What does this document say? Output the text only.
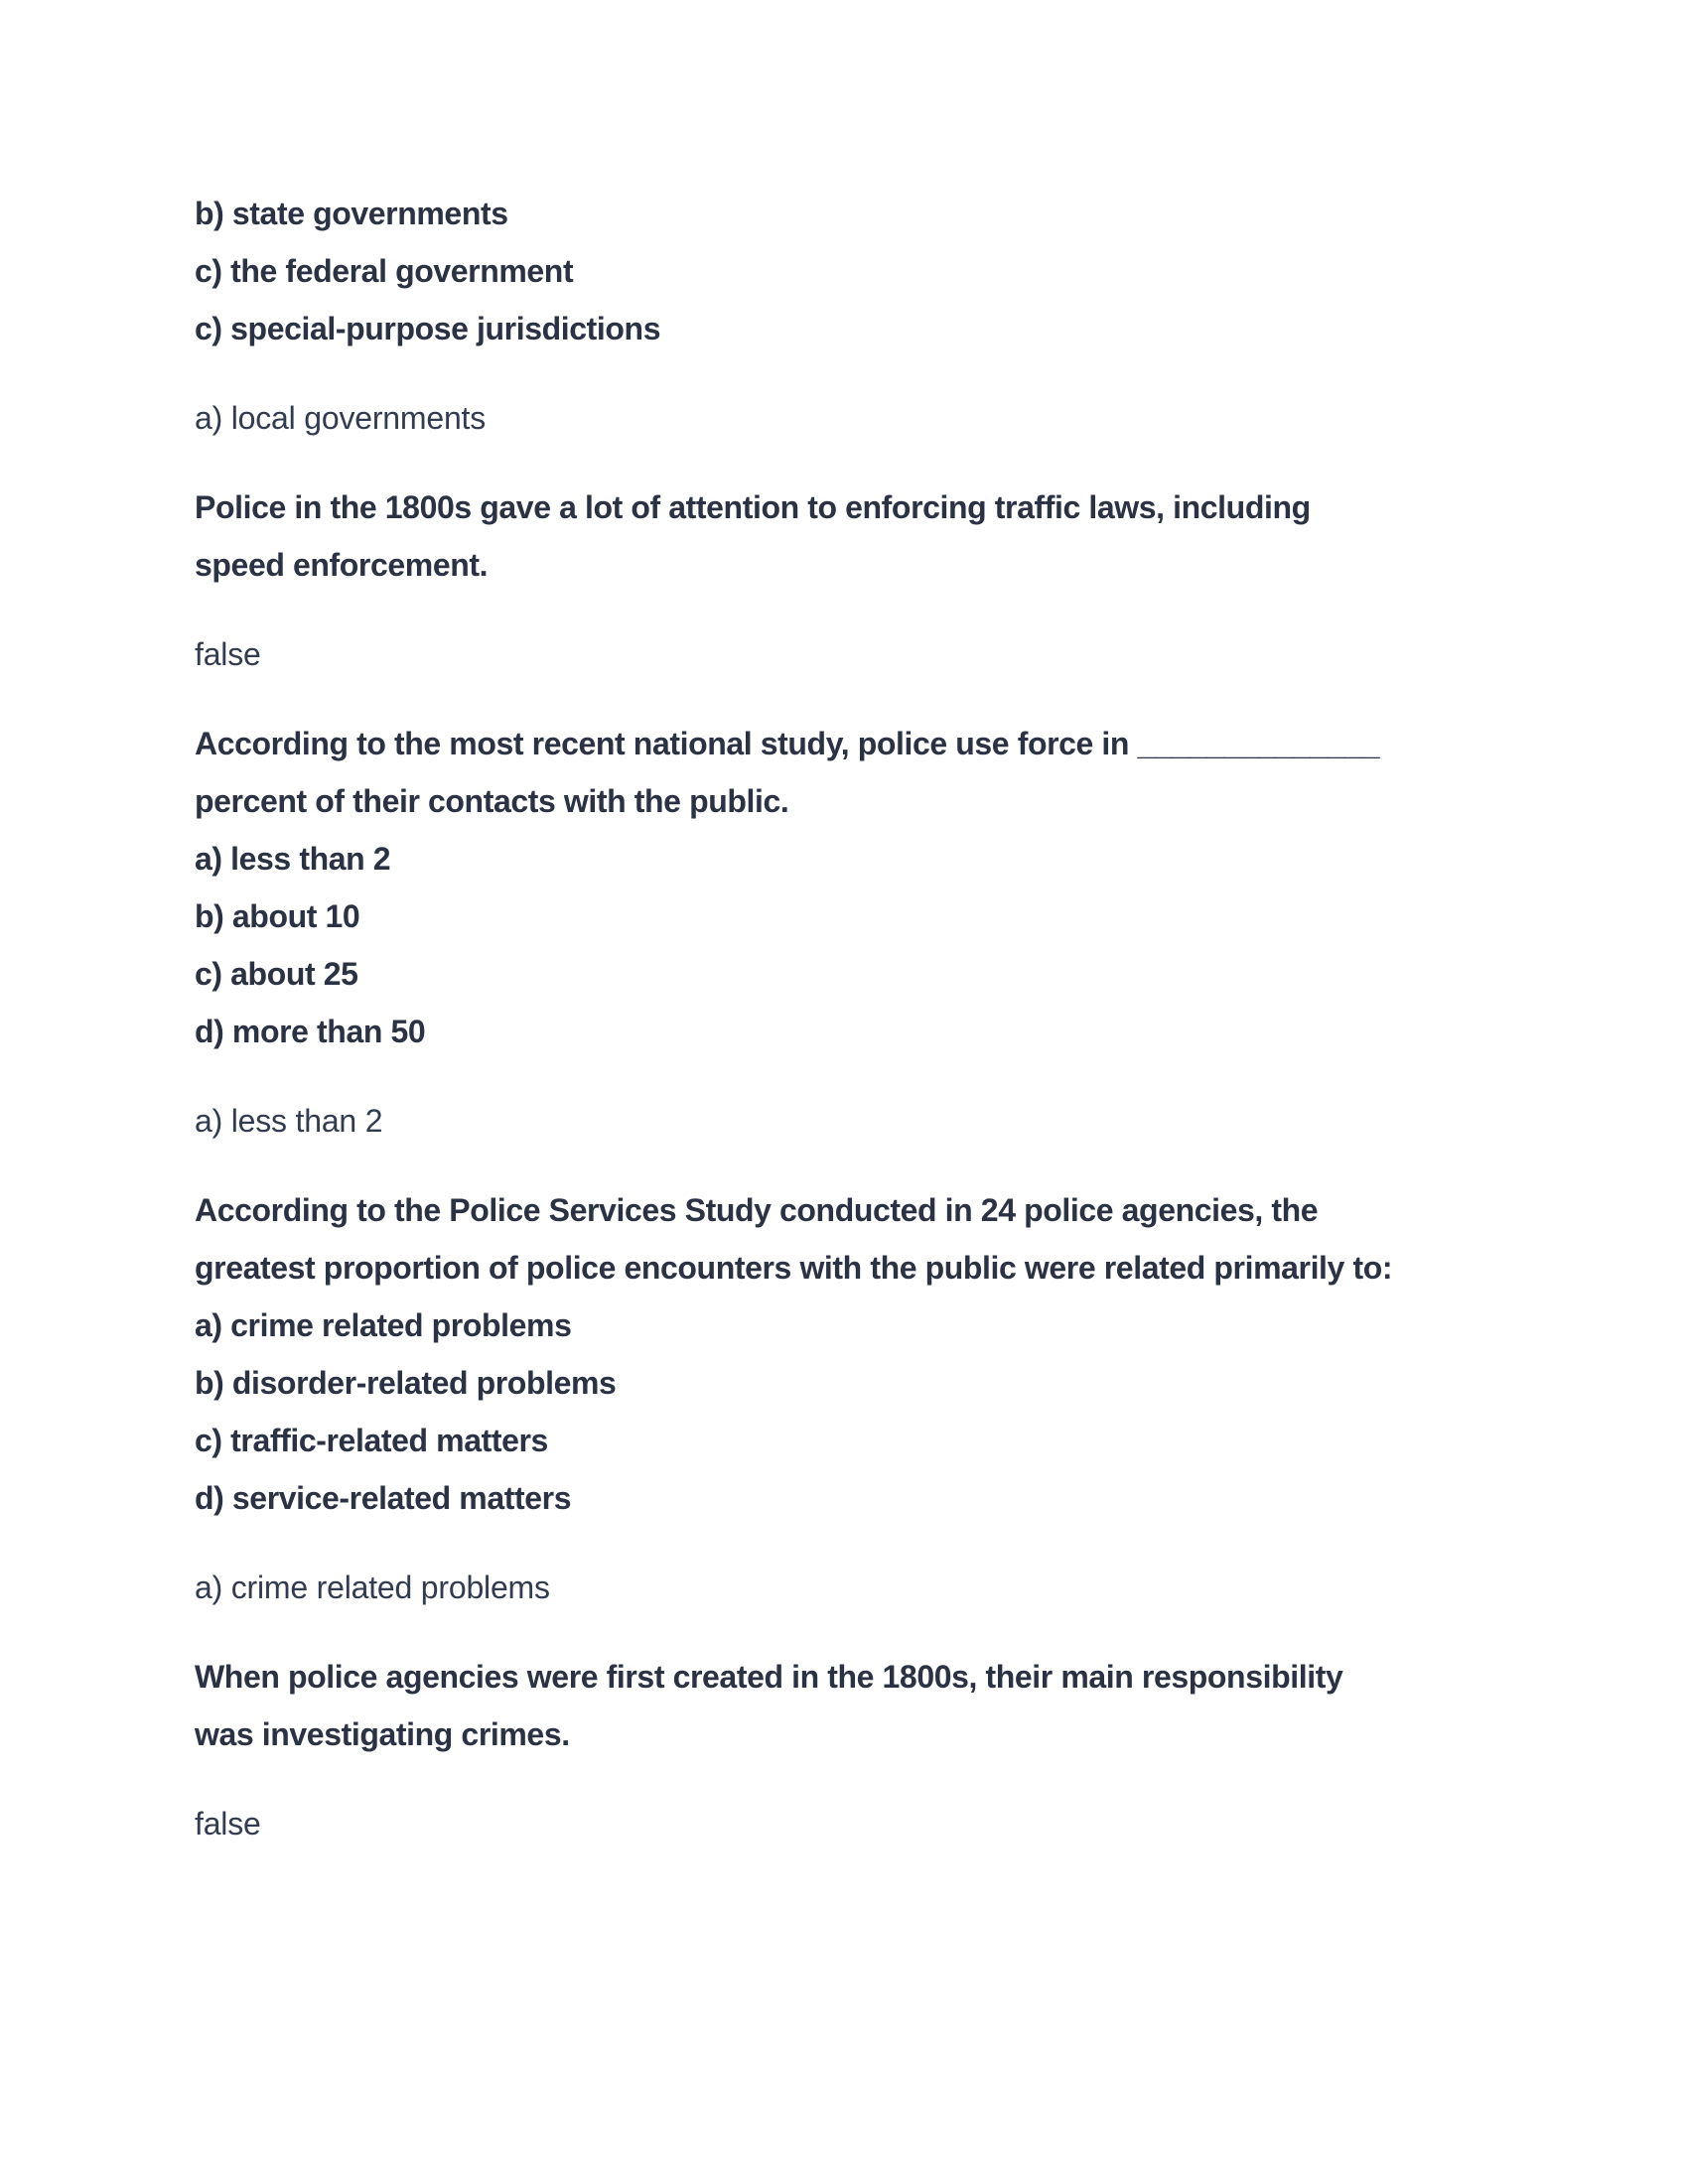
b) state governments
c) the federal government
c) special-purpose jurisdictions
a) local governments
Police in the 1800s gave a lot of attention to enforcing traffic laws, including
speed enforcement.
false
According to the most recent national study, police use force in ______________
percent of their contacts with the public.
a) less than 2
b) about 10
c) about 25
d) more than 50
a) less than 2
According to the Police Services Study conducted in 24 police agencies, the
greatest proportion of police encounters with the public were related primarily to:
a) crime related problems
b) disorder-related problems
c) traffic-related matters
d) service-related matters
a) crime related problems
When police agencies were first created in the 1800s, their main responsibility
was investigating crimes.
false
